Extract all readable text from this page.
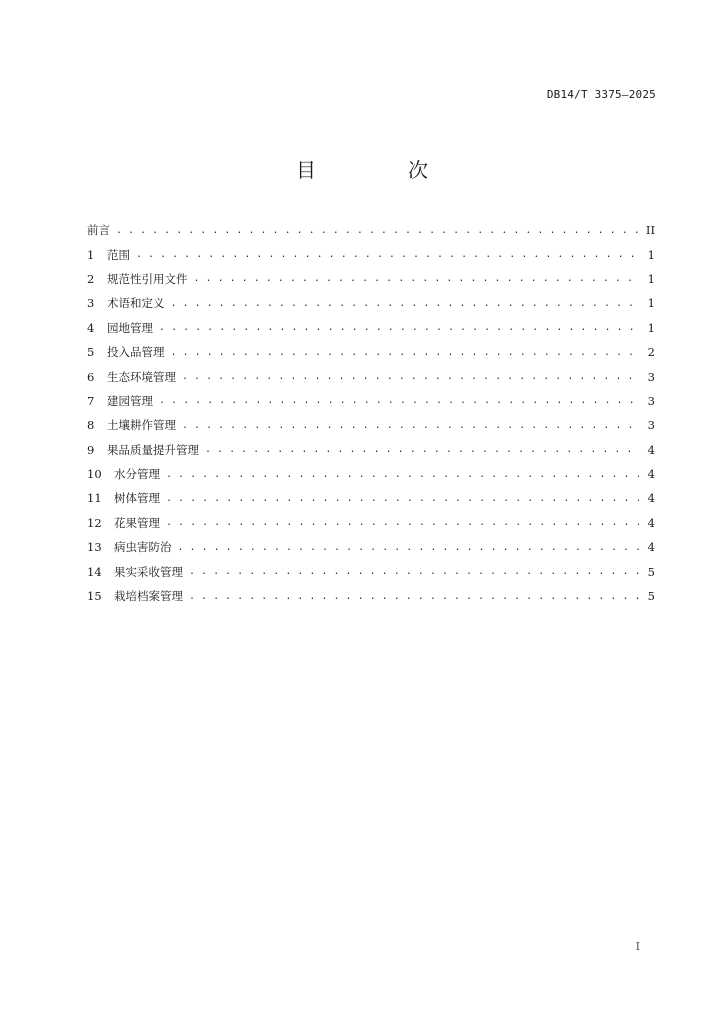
DB14/T 3375—2025
目　次
前言 . . .	II
1	范围 . . .	1
2	规范性引用文件 . . .	1
3	术语和定义 . . .	1
4	园地管理 . . .	1
5	投入品管理 . . .	2
6	生态环境管理 . . .	3
7	建园管理 . . .	3
8	土壤耕作管理 . . .	3
9	果品质量提升管理 . . .	4
10	水分管理 . . .	4
11	树体管理 . . .	4
12	花果管理 . . .	4
13	病虫害防治 . . .	4
14	果实采收管理 . . .	5
15	栽培档案管理 . . .	5
I
